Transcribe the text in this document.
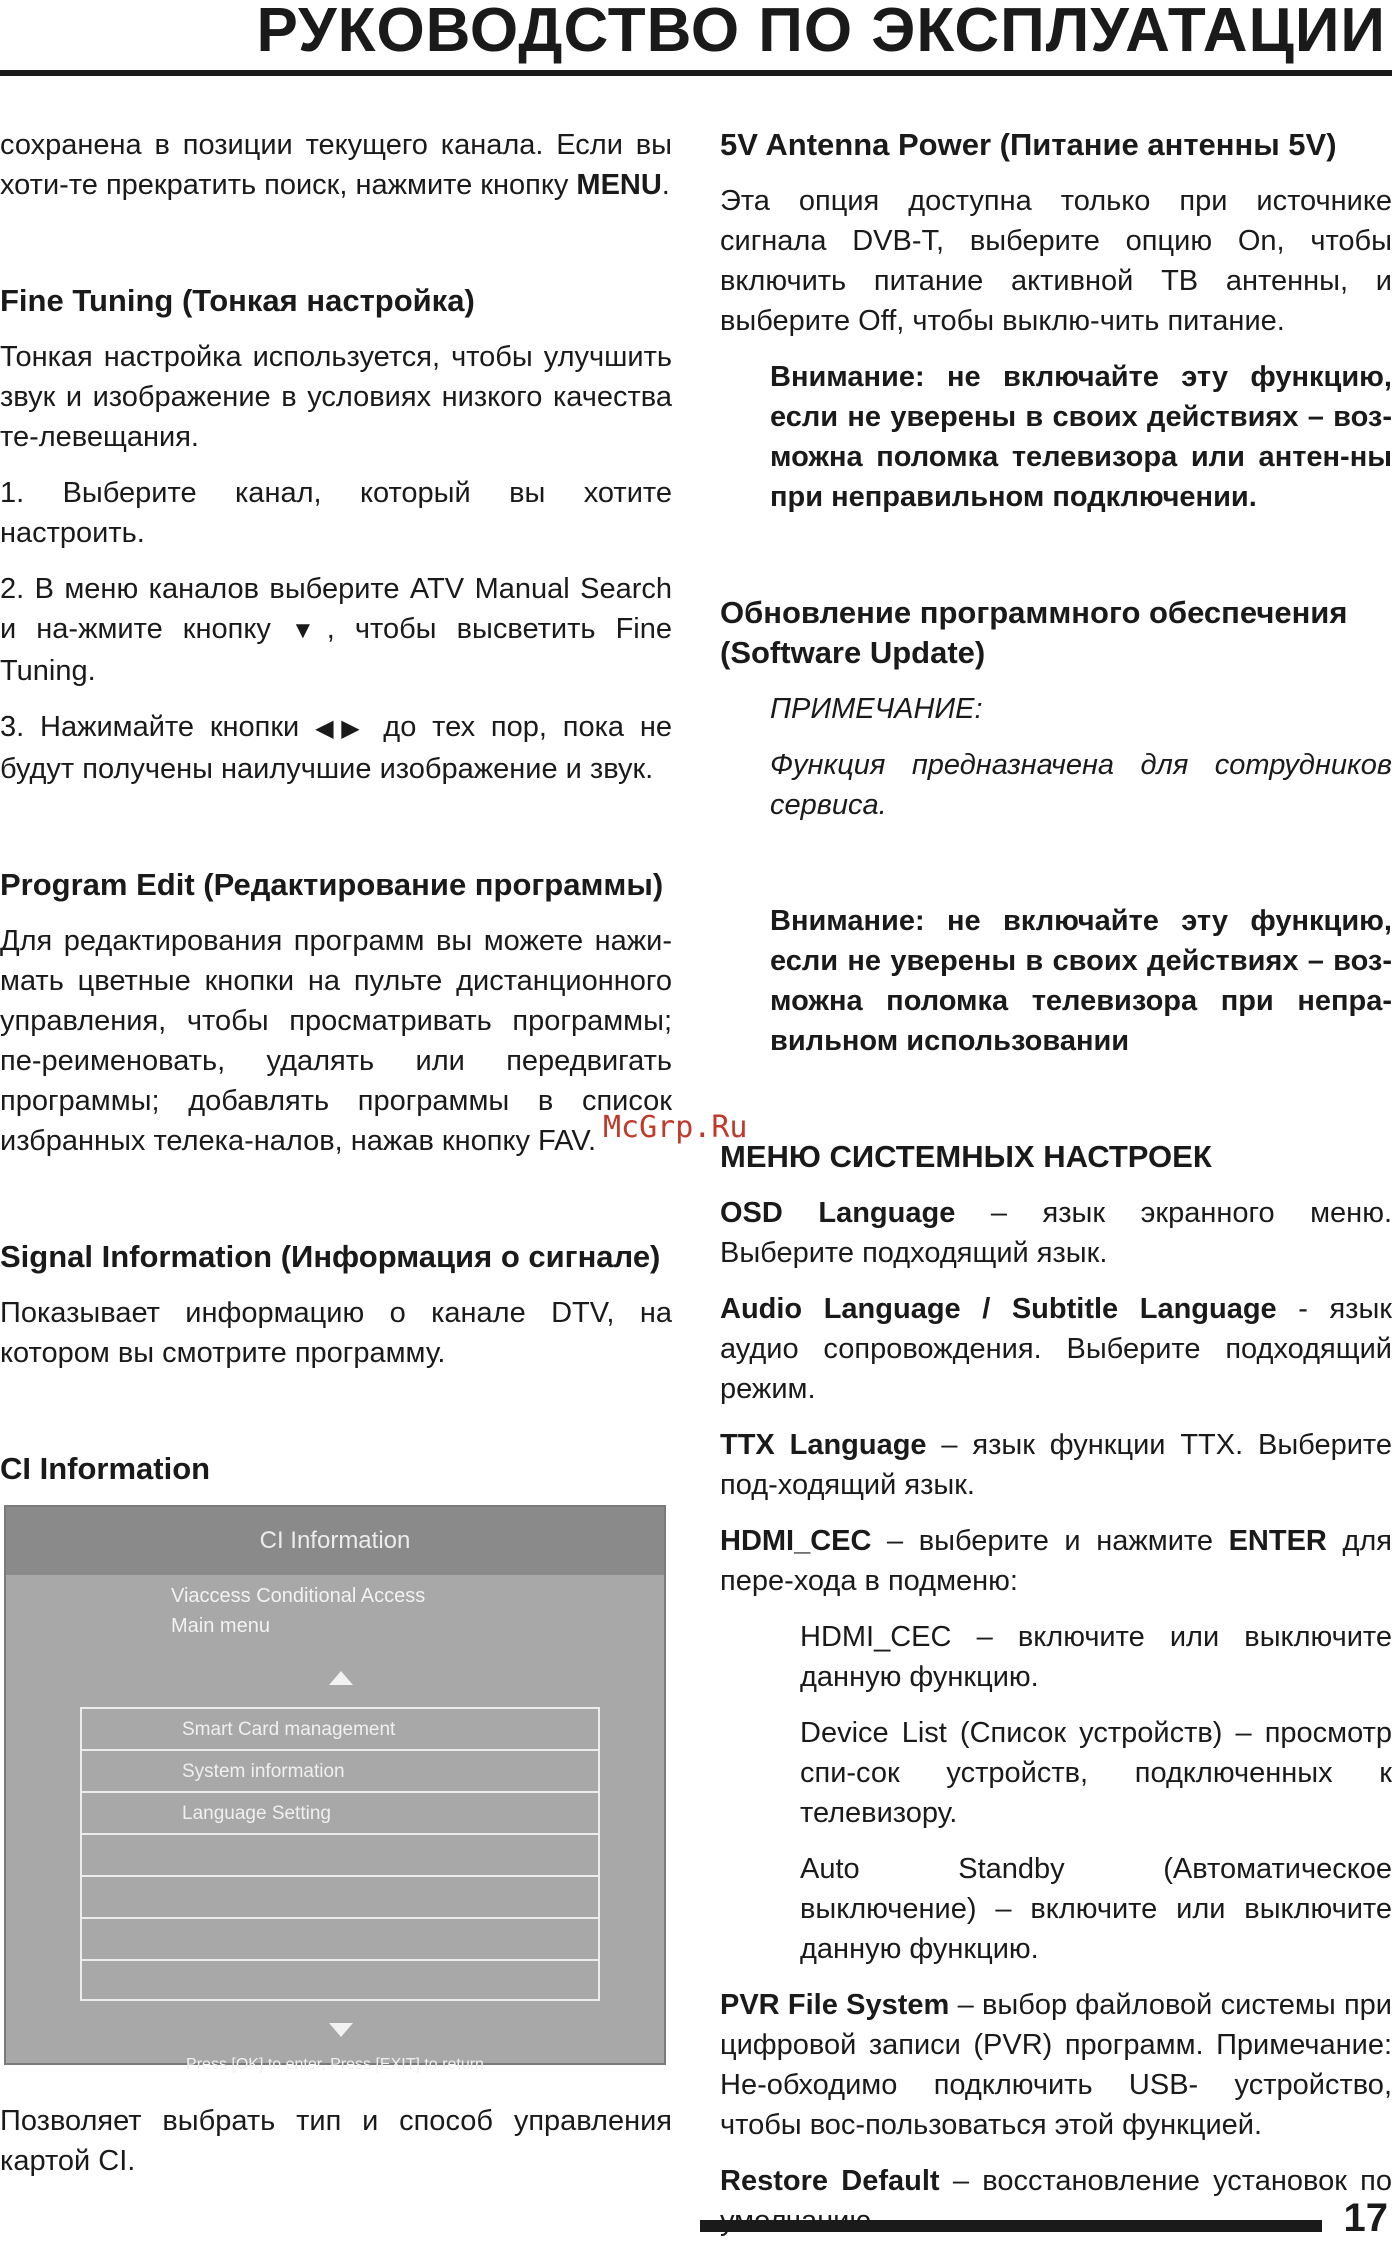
РУКОВОДСТВО ПО ЭКСПЛУАТАЦИИ
McGrp.Ru

сохранена в позиции текущего канала. Если вы хоти-те прекратить поиск, нажмите кнопку MENU.

Fine Tuning (Тонкая настройка)

Тонкая настройка используется, чтобы улучшить звук и изображение в условиях низкого качества те-левещания.

1. Выберите канал, который вы хотите настроить.

2. В меню каналов выберите ATV Manual Search и на-жмите кнопку ▼, чтобы высветить Fine Tuning.

3. Нажимайте кнопки ◀▶ до тех пор, пока не будут получены наилучшие изображение и звук.

Program Edit (Редактирование программы)

Для редактирования программ вы можете нажи-мать цветные кнопки на пульте дистанционного управления, чтобы просматривать программы; пе-реименовать, удалять или передвигать программы; добавлять программы в список избранных телека-налов, нажав кнопку FAV.

Signal Information (Информация о сигнале)

Показывает информацию о канале DTV, на котором вы смотрите программу.

CI Information
CI Information
Viaccess Conditional Access
Main menu
Smart Card management
System information
Language Setting
Press [OK] to enter, Press [EXIT] to return

Позволяет выбрать тип и способ управления картой CI.

5V Antenna Power (Питание антенны 5V)

Эта опция доступна только при источнике сигнала DVB-T, выберите опцию On, чтобы включить питание активной ТВ антенны, и выберите Off, чтобы выклю-чить питание.

Внимание: не включайте эту функцию, если не уверены в своих действиях – воз-можна поломка телевизора или антен-ны при неправильном подключении.

Обновление программного обеспечения (Software Update)

ПРИМЕЧАНИЕ:

Функция предназначена для сотрудников сервиса.

Внимание: не включайте эту функцию, если не уверены в своих действиях – воз-можна поломка телевизора при непра-вильном использовании

МЕНЮ СИСТЕМНЫХ НАСТРОЕК

OSD Language – язык экранного меню. Выберите подходящий язык.

Audio Language / Subtitle Language - язык аудио сопровождения. Выберите подходящий режим.

TTX Language – язык функции TTX. Выберите под-ходящий язык.

HDMI_CEC – выберите и нажмите ENTER для пере-хода в подменю:

HDMI_CEC – включите или выключите данную функцию.

Device List (Список устройств) – просмотр спи-сок устройств, подключенных к телевизору.

Auto Standby (Автоматическое выключение) – включите или выключите данную функцию.

PVR File System – выбор файловой системы при цифровой записи (PVR) программ. Примечание: Не-обходимо подключить USB- устройство, чтобы вос-пользоваться этой функцией.

Restore Default – восстановление установок по

17
